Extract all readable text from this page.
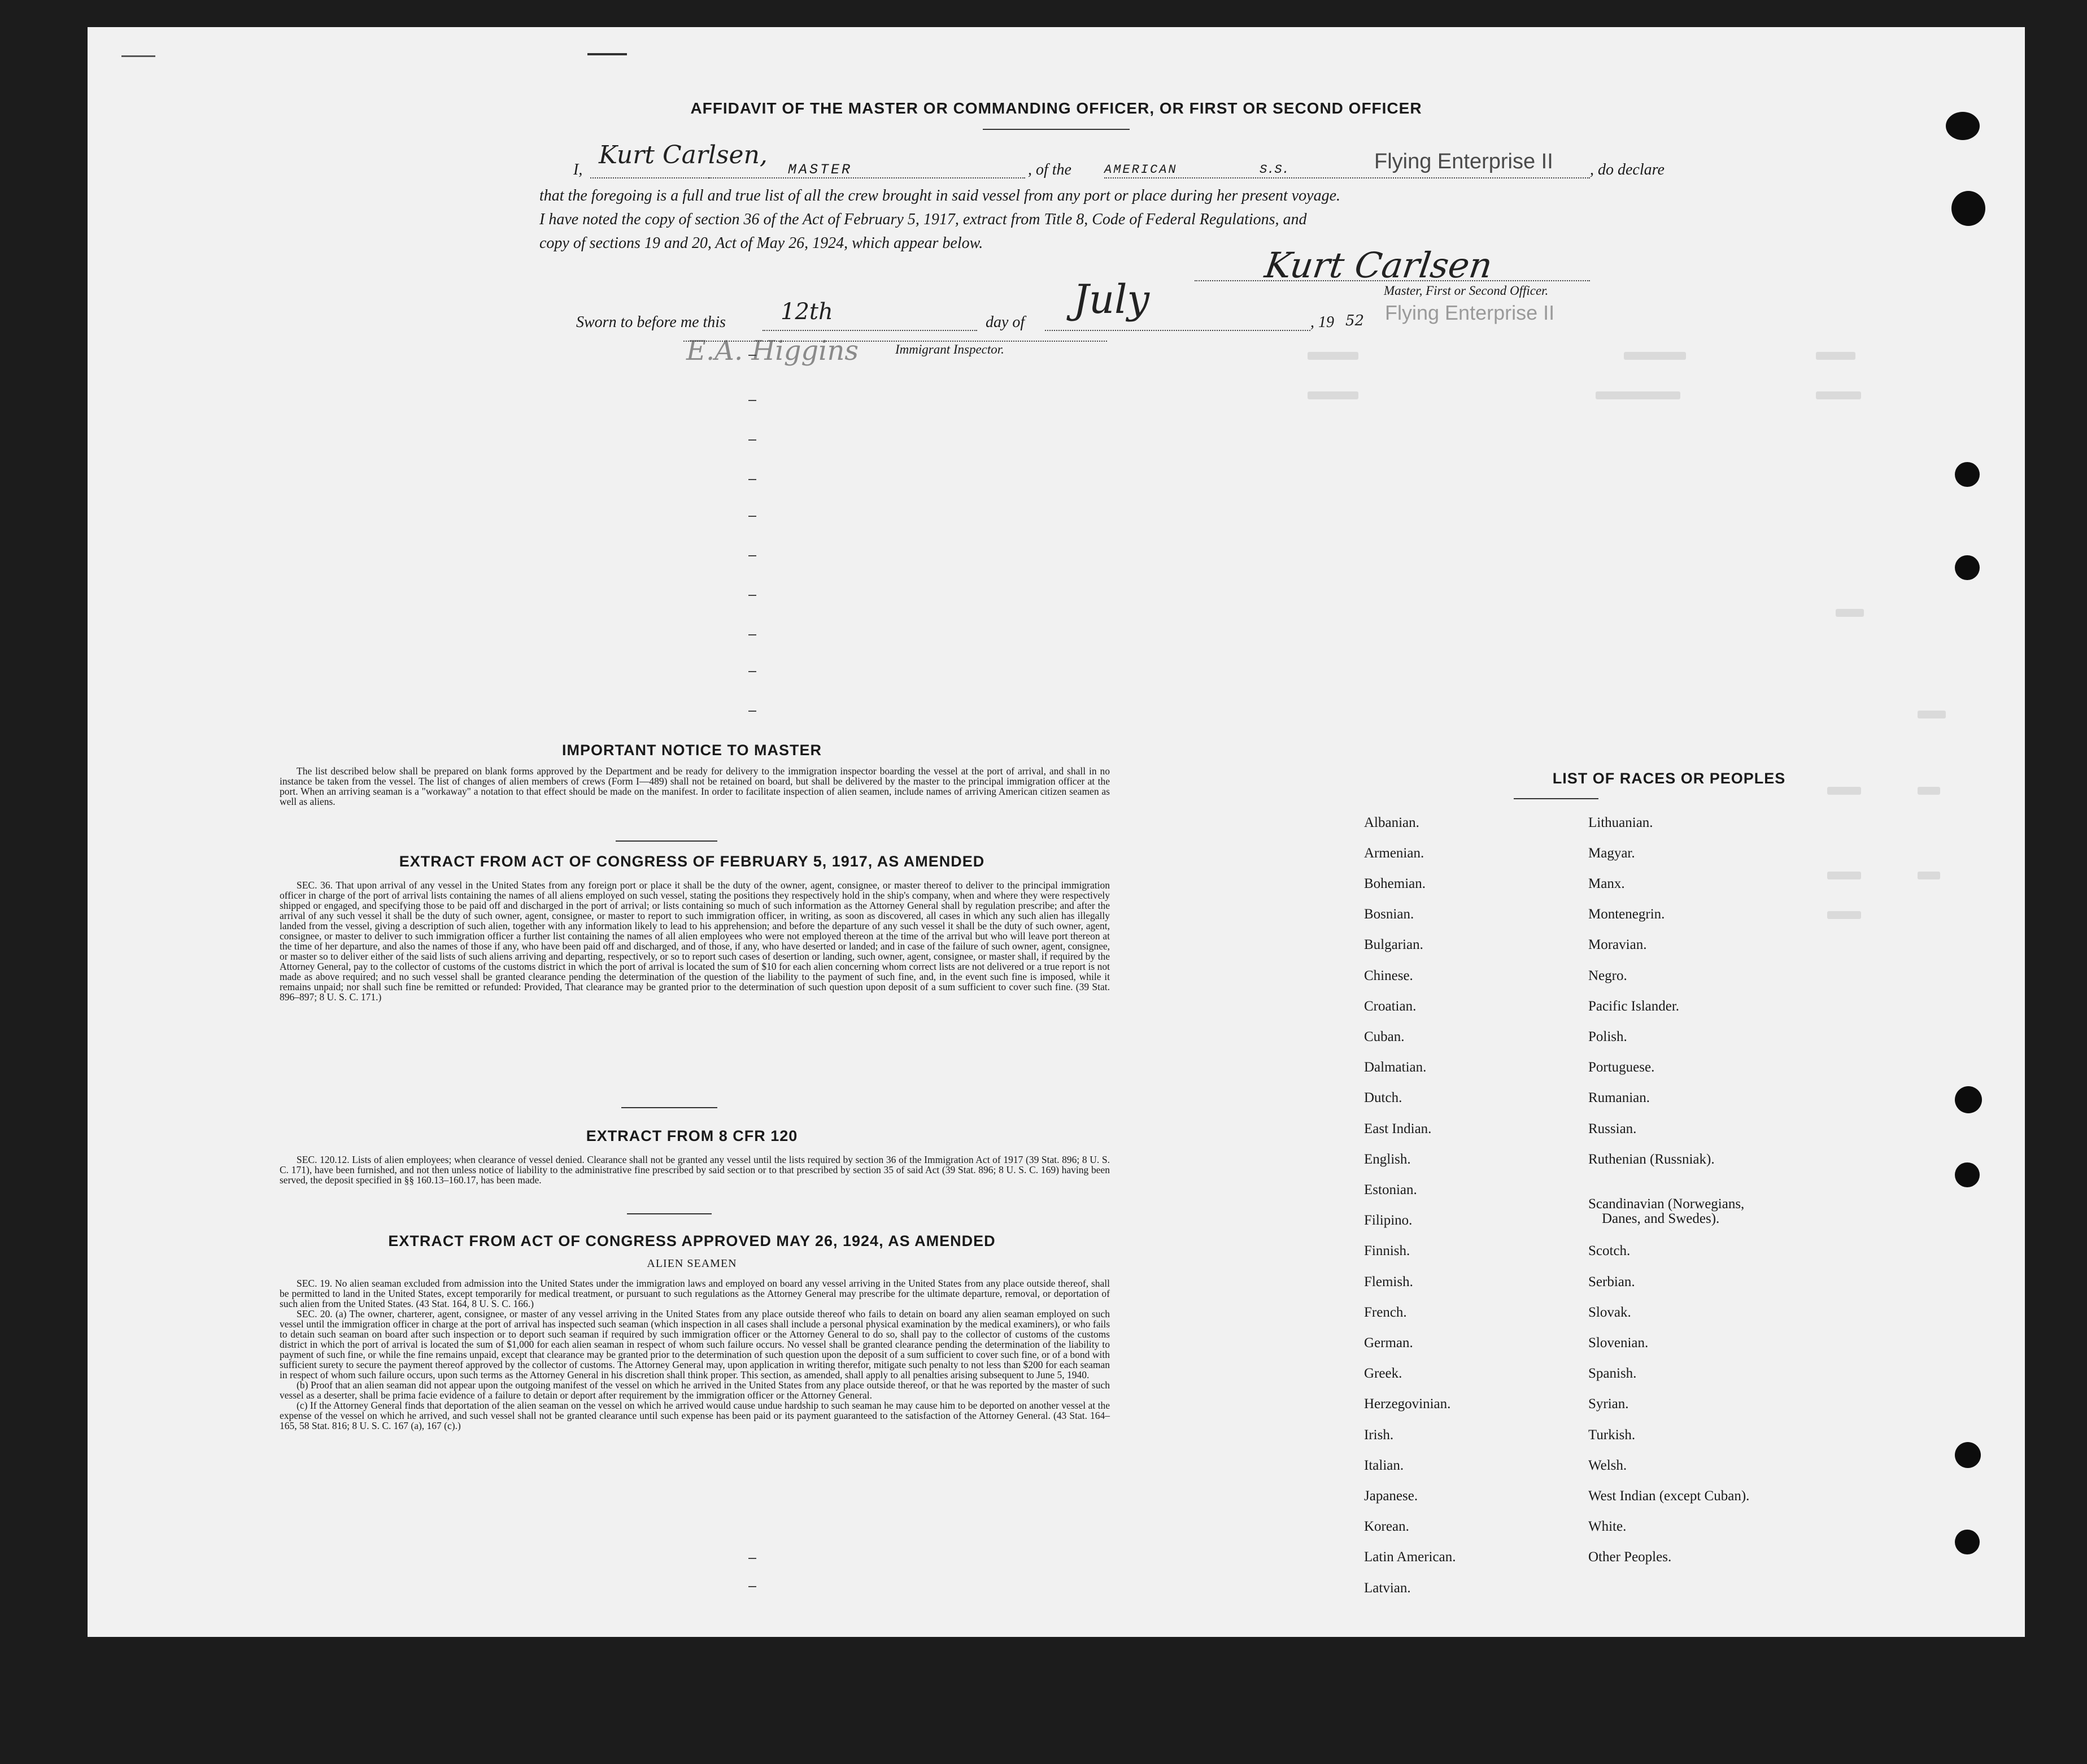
AFFIDAVIT OF THE MASTER OR COMMANDING OFFICER, OR FIRST OR SECOND OFFICER
I,
Kurt Carlsen,
MASTER	, of the	AMERICAN	S.S.	Flying Enterprise II , do declare
that the foregoing is a full and true list of all the crew brought in said vessel from any port or place during her present voyage.
I have noted the copy of section 36 of the Act of February 5, 1917, extract from Title 8, Code of Federal Regulations, and
copy of sections 19 and 20, Act of May 26, 1924, which appear below.
Kurt Carlsen
Master, First or Second Officer.
Sworn to before me this 12th	day of July	, 19 52 Flying Enterprise II
E.A. Higgins	Immigrant Inspector.
IMPORTANT NOTICE TO MASTER

The list described below shall be prepared on blank forms approved by the Department and be ready for delivery to the immigration inspector boarding the vessel at the port of arrival, and shall in no instance be taken from the vessel. The list of changes of alien members of crews (Form I—489) shall not be retained on board, but shall be delivered by the master to the principal immigration officer at the port. When an arriving seaman is a "workaway" a notation to that effect should be made on the manifest. In order to facilitate inspection of alien seamen, include names of arriving American citizen seamen as well as aliens.

EXTRACT FROM ACT OF CONGRESS OF FEBRUARY 5, 1917, AS AMENDED

SEC. 36. That upon arrival of any vessel in the United States from any foreign port or place it shall be the duty of the owner, agent, consignee, or master thereof to deliver to the principal immigration officer in charge of the port of arrival lists containing the names of all aliens employed on such vessel, stating the positions they respectively hold in the ship's company, when and where they were respectively shipped or engaged, and specifying those to be paid off and discharged in the port of arrival; or lists containing so much of such information as the Attorney General shall by regulation prescribe; and after the arrival of any such vessel it shall be the duty of such owner, agent, consignee, or master to report to such immigration officer, in writing, as soon as discovered, all cases in which any such alien has illegally landed from the vessel, giving a description of such alien, together with any information likely to lead to his apprehension; and before the departure of any such vessel it shall be the duty of such owner, agent, consignee, or master to deliver to such immigration officer a further list containing the names of all alien employees who were not employed thereon at the time of the arrival but who will leave port thereon at the time of her departure, and also the names of those if any, who have been paid off and discharged, and of those, if any, who have deserted or landed; and in case of the failure of such owner, agent, consignee, or master so to deliver either of the said lists of such aliens arriving and departing, respectively, or so to report such cases of desertion or landing, such owner, agent, consignee, or master shall, if required by the Attorney General, pay to the collector of customs of the customs district in which the port of arrival is located the sum of $10 for each alien concerning whom correct lists are not delivered or a true report is not made as above required; and no such vessel shall be granted clearance pending the determination of the question of the liability to the payment of such fine, and, in the event such fine is imposed, while it remains unpaid; nor shall such fine be remitted or refunded: Provided, That clearance may be granted prior to the determination of such question upon deposit of a sum sufficient to cover such fine. (39 Stat. 896–897; 8 U. S. C. 171.)

EXTRACT FROM 8 CFR 120

SEC. 120.12. Lists of alien employees; when clearance of vessel denied. Clearance shall not be granted any vessel until the lists required by section 36 of the Immigration Act of 1917 (39 Stat. 896; 8 U. S. C. 171), have been furnished, and not then unless notice of liability to the administrative fine prescribed by said section or to that prescribed by section 35 of said Act (39 Stat. 896; 8 U. S. C. 169) having been served, the deposit specified in §§ 160.13–160.17, has been made.

EXTRACT FROM ACT OF CONGRESS APPROVED MAY 26, 1924, AS AMENDED
ALIEN SEAMEN

SEC. 19. No alien seaman excluded from admission into the United States under the immigration laws and employed on board any vessel arriving in the United States from any place outside thereof, shall be permitted to land in the United States, except temporarily for medical treatment, or pursuant to such regulations as the Attorney General may prescribe for the ultimate departure, removal, or deportation of such alien from the United States. (43 Stat. 164, 8 U. S. C. 166.)

SEC. 20. (a) The owner, charterer, agent, consignee, or master of any vessel arriving in the United States from any place outside thereof who fails to detain on board any alien seaman employed on such vessel until the immigration officer in charge at the port of arrival has inspected such seaman (which inspection in all cases shall include a personal physical examination by the medical examiners), or who fails to detain such seaman on board after such inspection or to deport such seaman if required by such immigration officer or the Attorney General to do so, shall pay to the collector of customs of the customs district in which the port of arrival is located the sum of $1,000 for each alien seaman in respect of whom such failure occurs. No vessel shall be granted clearance pending the determination of the liability to payment of such fine, or while the fine remains unpaid, except that clearance may be granted prior to the determination of such question upon the deposit of a sum sufficient to cover such fine, or of a bond with sufficient surety to secure the payment thereof approved by the collector of customs. The Attorney General may, upon application in writing therefor, mitigate such penalty to not less than $200 for each seaman in respect of whom such failure occurs, upon such terms as the Attorney General in his discretion shall think proper. This section, as amended, shall apply to all penalties arising subsequent to June 5, 1940.

(b) Proof that an alien seaman did not appear upon the outgoing manifest of the vessel on which he arrived in the United States from any place outside thereof, or that he was reported by the master of such vessel as a deserter, shall be prima facie evidence of a failure to detain or deport after requirement by the immigration officer or the Attorney General.

(c) If the Attorney General finds that deportation of the alien seaman on the vessel on which he arrived would cause undue hardship to such seaman he may cause him to be deported on another vessel at the expense of the vessel on which he arrived, and such vessel shall not be granted clearance until such expense has been paid or its payment guaranteed to the satisfaction of the Attorney General. (43 Stat. 164–165, 58 Stat. 816; 8 U. S. C. 167 (a), 167 (c).)

LIST OF RACES OR PEOPLES
Albanian.
Armenian.
Bohemian.
Bosnian.
Bulgarian.
Chinese.
Croatian.
Cuban.
Dalmatian.
Dutch.
East Indian.
English.
Estonian.
Filipino.
Finnish.
Flemish.
French.
German.
Greek.
Herzegovinian.
Irish.
Italian.
Japanese.
Korean.
Latin American.
Latvian.
Lithuanian.
Magyar.
Manx.
Montenegrin.
Moravian.
Negro.
Pacific Islander.
Polish.
Portuguese.
Rumanian.
Russian.
Ruthenian (Russniak).
Scandinavian (Norwegians,
Danes, and Swedes).
Scotch.
Serbian.
Slovak.
Slovenian.
Spanish.
Syrian.
Turkish.
Welsh.
West Indian (except Cuban).
White.
Other Peoples.
